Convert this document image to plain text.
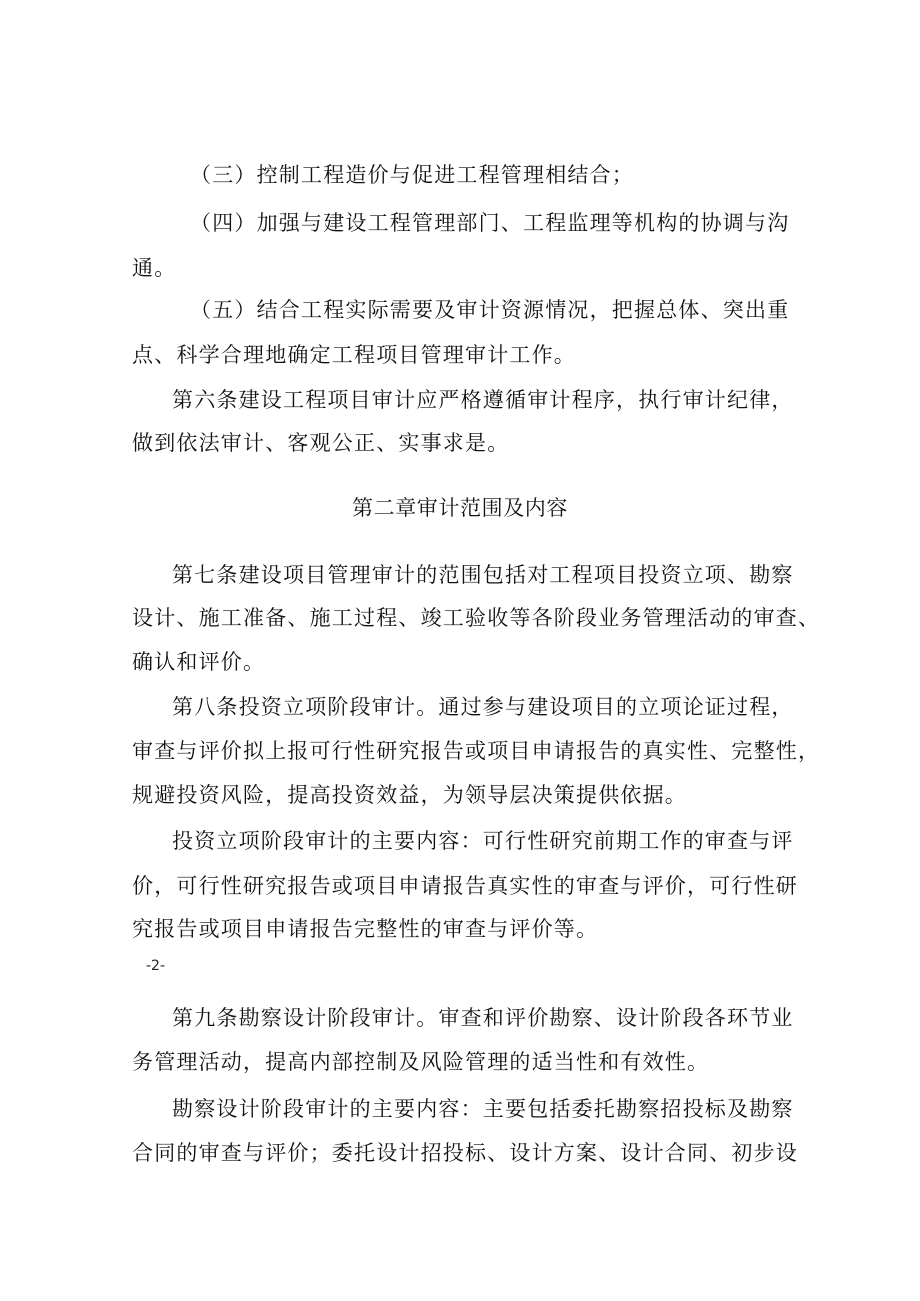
（三）控制工程造价与促进工程管理相结合；
（四）加强与建设工程管理部门、工程监理等机构的协调与沟
通。
（五）结合工程实际需要及审计资源情况，把握总体、突出重
点、科学合理地确定工程项目管理审计工作。
第六条建设工程项目审计应严格遵循审计程序，执行审计纪律，
做到依法审计、客观公正、实事求是。
第二章审计范围及内容
第七条建设项目管理审计的范围包括对工程项目投资立项、勘察
设计、施工准备、施工过程、竣工验收等各阶段业务管理活动的审查、
确认和评价。
第八条投资立项阶段审计。通过参与建设项目的立项论证过程，
审查与评价拟上报可行性研究报告或项目申请报告的真实性、完整性，
规避投资风险，提高投资效益，为领导层决策提供依据。
投资立项阶段审计的主要内容：可行性研究前期工作的审查与评
价，可行性研究报告或项目申请报告真实性的审查与评价，可行性研
究报告或项目申请报告完整性的审查与评价等。
-2-
第九条勘察设计阶段审计。审查和评价勘察、设计阶段各环节业
务管理活动，提高内部控制及风险管理的适当性和有效性。
勘察设计阶段审计的主要内容：主要包括委托勘察招投标及勘察
合同的审查与评价；委托设计招投标、设计方案、设计合同、初步设
